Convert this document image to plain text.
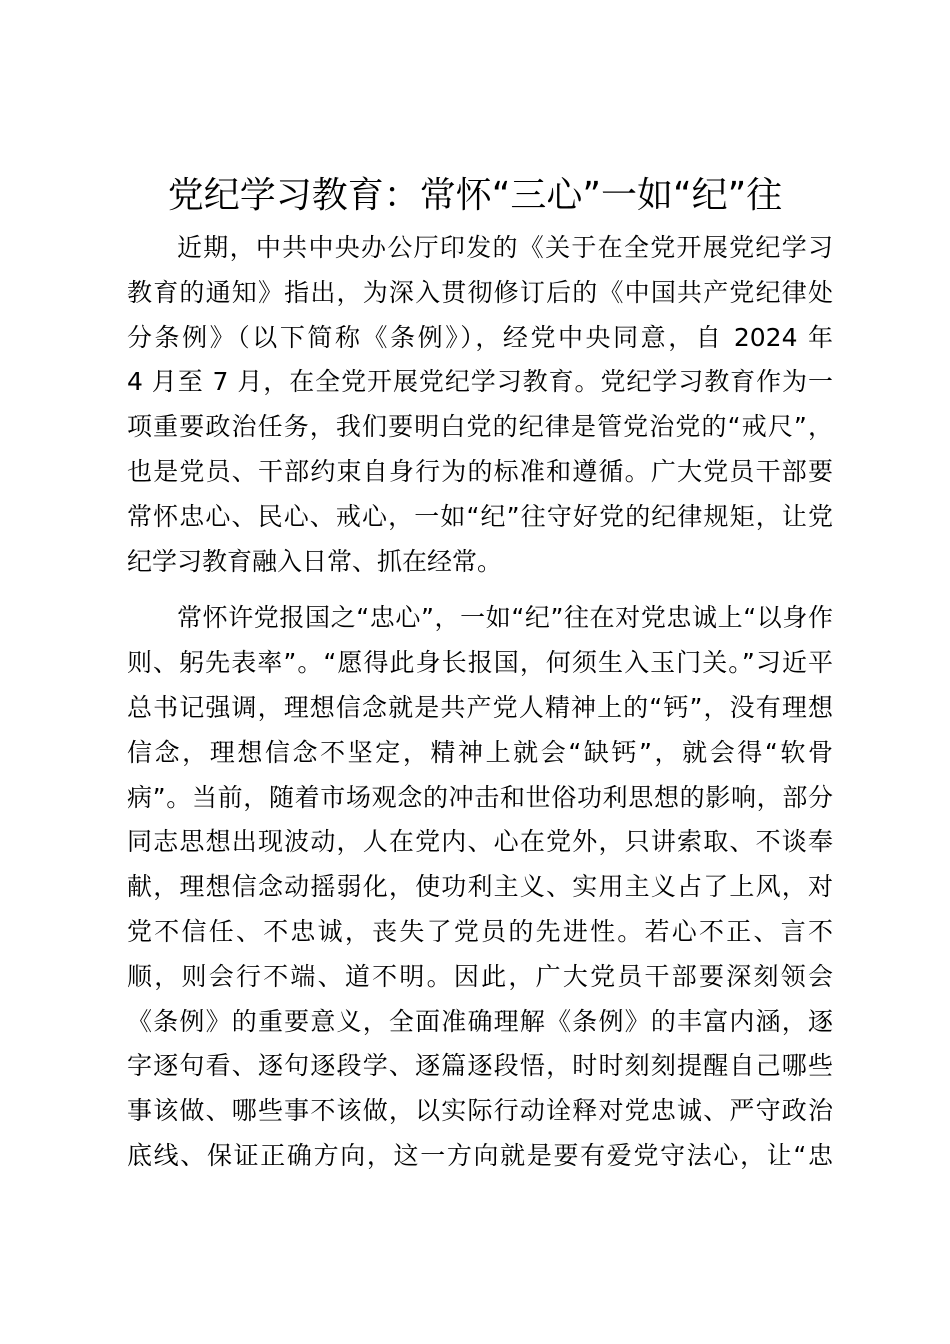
党纪学习教育：常怀“三心”一如“纪”往
近期，中共中央办公厅印发的《关于在全党开展党纪学习
教育的通知》指出，为深入贯彻修订后的《中国共产党纪律处
分条例》（以下简称《条例》），经党中央同意，自 2024 年
4 月至 7 月，在全党开展党纪学习教育。党纪学习教育作为一
项重要政治任务，我们要明白党的纪律是管党治党的“戒尺”，
也是党员、干部约束自身行为的标准和遵循。广大党员干部要
常怀忠心、民心、戒心，一如“纪”往守好党的纪律规矩，让党
纪学习教育融入日常、抓在经常。
常怀许党报国之“忠心”，一如“纪”往在对党忠诚上“以身作
则、躬先表率”。“愿得此身长报国，何须生入玉门关。”习近平
总书记强调，理想信念就是共产党人精神上的“钙”，没有理想
信念，理想信念不坚定，精神上就会“缺钙”，就会得“软骨
病”。当前，随着市场观念的冲击和世俗功利思想的影响，部分
同志思想出现波动，人在党内、心在党外，只讲索取、不谈奉
献，理想信念动摇弱化，使功利主义、实用主义占了上风，对
党不信任、不忠诚，丧失了党员的先进性。若心不正、言不
顺，则会行不端、道不明。因此，广大党员干部要深刻领会
《条例》的重要意义，全面准确理解《条例》的丰富内涵，逐
字逐句看、逐句逐段学、逐篇逐段悟，时时刻刻提醒自己哪些
事该做、哪些事不该做，以实际行动诠释对党忠诚、严守政治
底线、保证正确方向，这一方向就是要有爱党守法心，让“忠
